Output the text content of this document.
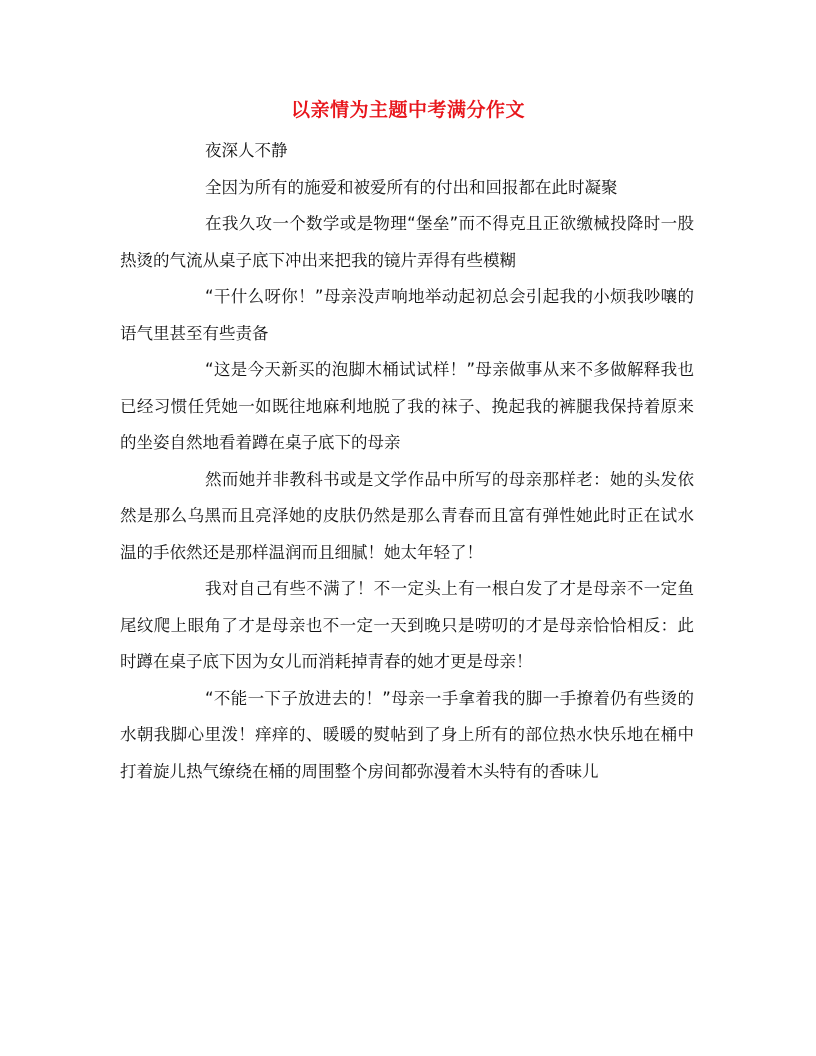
以亲情为主题中考满分作文

夜深人不静

全因为所有的施爱和被爱所有的付出和回报都在此时凝聚

在我久攻一个数学或是物理“堡垒”而不得克且正欲缴械投降时一股热烫的气流从桌子底下冲出来把我的镜片弄得有些模糊

“干什么呀你！”母亲没声响地举动起初总会引起我的小烦我吵嚷的语气里甚至有些责备

“这是今天新买的泡脚木桶试试样！”母亲做事从来不多做解释我也已经习惯任凭她一如既往地麻利地脱了我的袜子、挽起我的裤腿我保持着原来的坐姿自然地看着蹲在桌子底下的母亲

然而她并非教科书或是文学作品中所写的母亲那样老：她的头发依然是那么乌黑而且亮泽她的皮肤仍然是那么青春而且富有弹性她此时正在试水温的手依然还是那样温润而且细腻！她太年轻了！

我对自己有些不满了！不一定头上有一根白发了才是母亲不一定鱼尾纹爬上眼角了才是母亲也不一定一天到晚只是唠叨的才是母亲恰恰相反：此时蹲在桌子底下因为女儿而消耗掉青春的她才更是母亲！

“不能一下子放进去的！”母亲一手拿着我的脚一手撩着仍有些烫的水朝我脚心里泼！痒痒的、暖暖的熨帖到了身上所有的部位热水快乐地在桶中打着旋儿热气缭绕在桶的周围整个房间都弥漫着木头特有的香味儿
